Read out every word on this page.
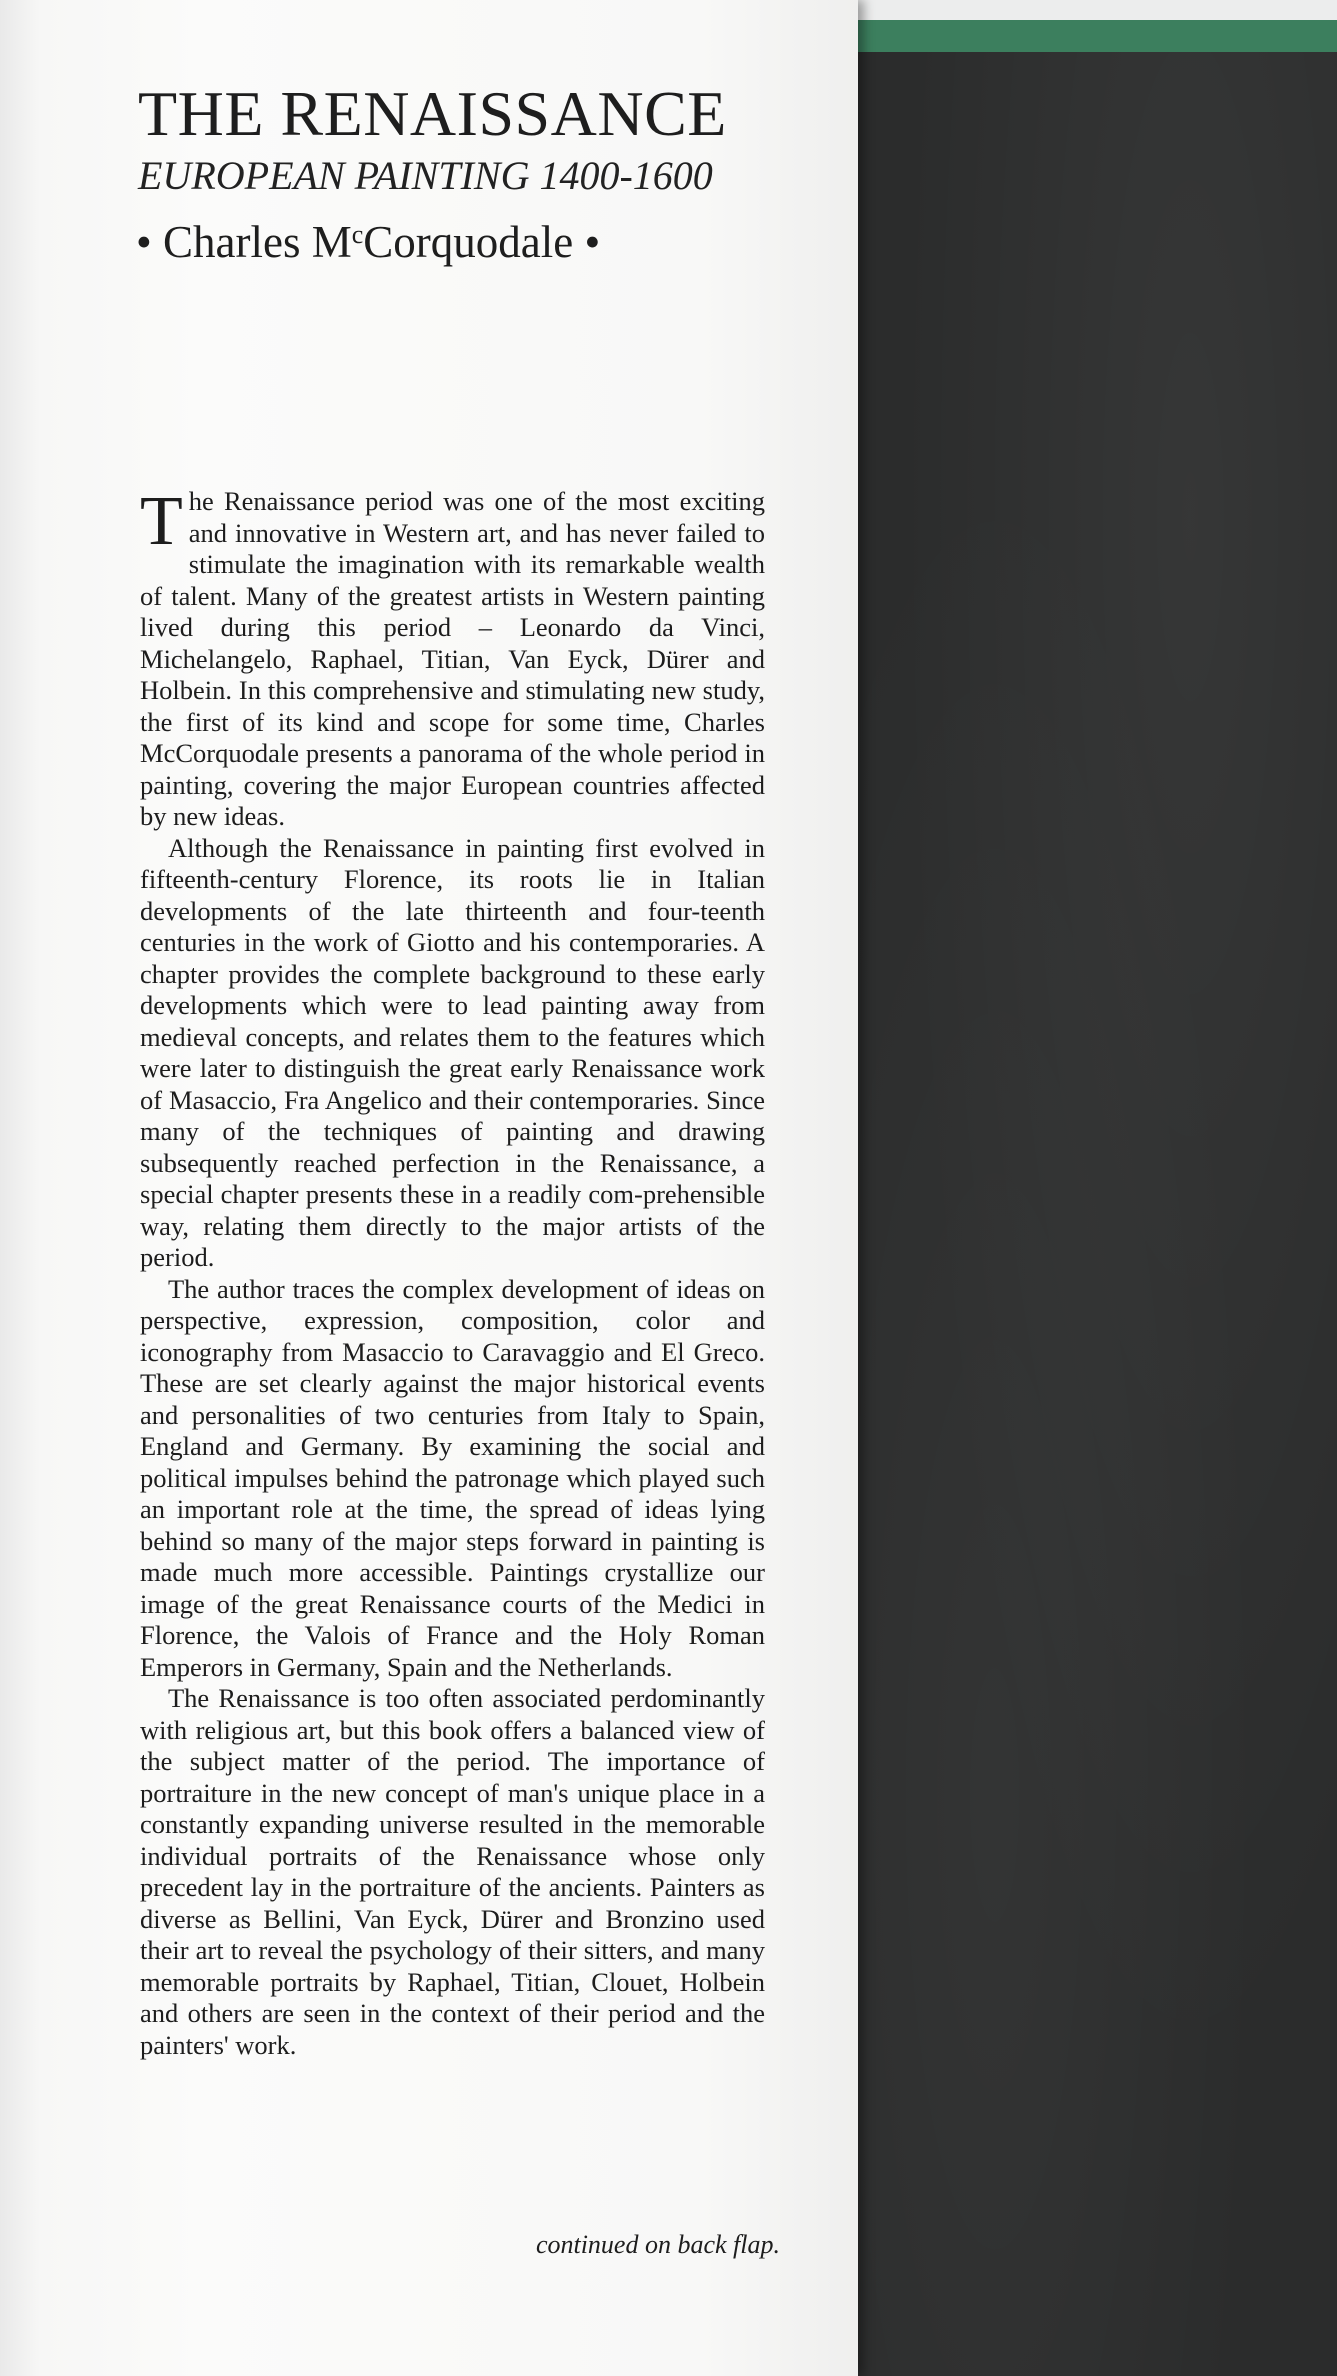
THE RENAISSANCE
EUROPEAN PAINTING 1400-1600
• Charles $M^cCorquodale$ •

The Renaissance period was one of the most exciting and innovative in Western art, and has never failed to stimulate the imagination with its remarkable wealth of talent. Many of the greatest artists in Western painting lived during this period – Leonardo da Vinci, Michelangelo, Raphael, Titian, Van Eyck, Dürer and Holbein. In this comprehensive and stimulating new study, the first of its kind and scope for some time, Charles McCorquodale presents a panorama of the whole period in painting, covering the major European countries affected by new ideas.

Although the Renaissance in painting first evolved in fifteenth-century Florence, its roots lie in Italian developments of the late thirteenth and four-teenth centuries in the work of Giotto and his contemporaries. A chapter provides the complete background to these early developments which were to lead painting away from medieval concepts, and relates them to the features which were later to distinguish the great early Renaissance work of Masaccio, Fra Angelico and their contemporaries. Since many of the techniques of painting and drawing subsequently reached perfection in the Renaissance, a special chapter presents these in a readily com-prehensible way, relating them directly to the major artists of the period.

The author traces the complex development of ideas on perspective, expression, composition, color and iconography from Masaccio to Caravaggio and El Greco. These are set clearly against the major historical events and personalities of two centuries from Italy to Spain, England and Germany. By examining the social and political impulses behind the patronage which played such an important role at the time, the spread of ideas lying behind so many of the major steps forward in painting is made much more accessible. Paintings crystallize our image of the great Renaissance courts of the Medici in Florence, the Valois of France and the Holy Roman Emperors in Germany, Spain and the Netherlands.

The Renaissance is too often associated perdominantly with religious art, but this book offers a balanced view of the subject matter of the period. The importance of portraiture in the new concept of man's unique place in a constantly expanding universe resulted in the memorable individual portraits of the Renaissance whose only precedent lay in the portraiture of the ancients. Painters as diverse as Bellini, Van Eyck, Dürer and Bronzino used their art to reveal the psychology of their sitters, and many memorable portraits by Raphael, Titian, Clouet, Holbein and others are seen in the context of their period and the painters' work.

continued on back flap.
